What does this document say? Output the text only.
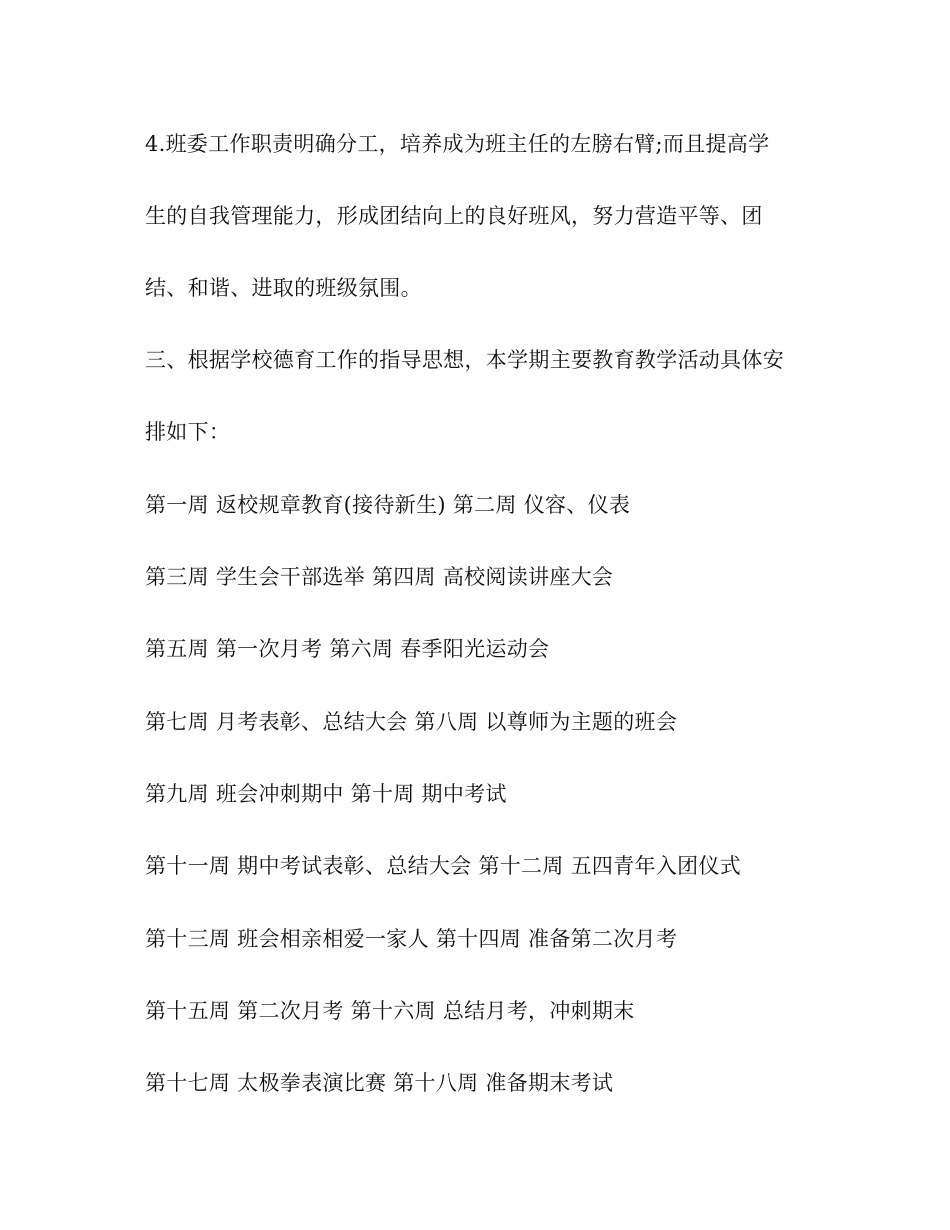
4.班委工作职责明确分工，培养成为班主任的左膀右臂;而且提高学
生的自我管理能力，形成团结向上的良好班风，努力营造平等、团
结、和谐、进取的班级氛围。
三、根据学校德育工作的指导思想，本学期主要教育教学活动具体安
排如下：
第一周 返校规章教育(接待新生) 第二周 仪容、仪表
第三周 学生会干部选举 第四周 高校阅读讲座大会
第五周 第一次月考 第六周 春季阳光运动会
第七周 月考表彰、总结大会 第八周 以尊师为主题的班会
第九周 班会冲刺期中 第十周 期中考试
第十一周 期中考试表彰、总结大会 第十二周 五四青年入团仪式
第十三周 班会相亲相爱一家人 第十四周 准备第二次月考
第十五周 第二次月考 第十六周 总结月考，冲刺期末
第十七周 太极拳表演比赛 第十八周 准备期末考试
